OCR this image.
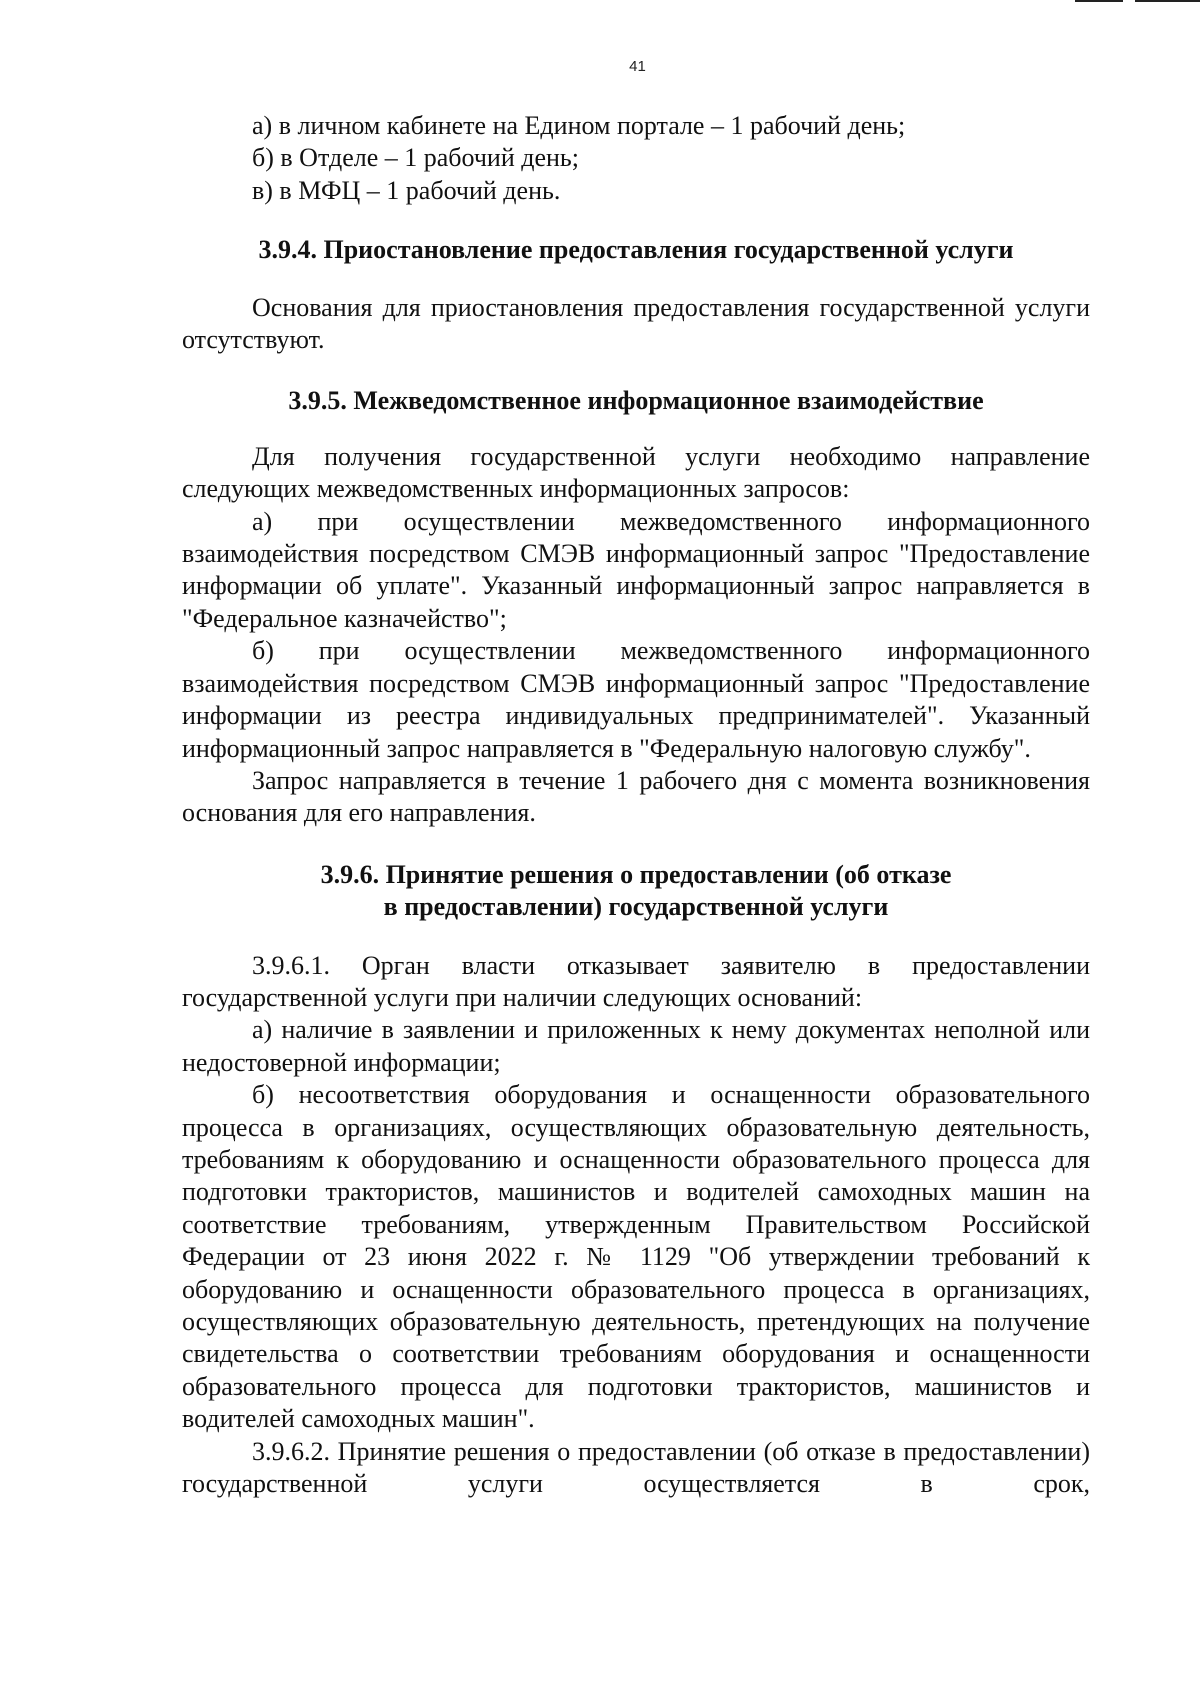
41

а) в личном кабинете на Едином портале – 1 рабочий день;

б) в Отделе – 1 рабочий день;

в) в МФЦ – 1 рабочий день.

3.9.4. Приостановление предоставления государственной услуги

Основания для приостановления предоставления государственной услуги отсутствуют.

3.9.5. Межведомственное информационное взаимодействие

Для получения государственной услуги необходимо направление следующих межведомственных информационных запросов:

а) при осуществлении межведомственного информационного взаимодействия посредством СМЭВ информационный запрос "Предоставление информации об уплате". Указанный информационный запрос направляется в "Федеральное казначейство";

б) при осуществлении межведомственного информационного взаимодействия посредством СМЭВ информационный запрос "Предоставление информации из реестра индивидуальных предпринимателей". Указанный информационный запрос направляется в "Федеральную налоговую службу".

Запрос направляется в течение 1 рабочего дня с момента возникновения основания для его направления.

3.9.6. Принятие решения о предоставлении (об отказе
в предоставлении) государственной услуги

3.9.6.1. Орган власти отказывает заявителю в предоставлении государственной услуги при наличии следующих оснований:

а) наличие в заявлении и приложенных к нему документах неполной или недостоверной информации;

б) несоответствия оборудования и оснащенности образовательного процесса в организациях, осуществляющих образовательную деятельность, требованиям к оборудованию и оснащенности образовательного процесса для подготовки трактористов, машинистов и водителей самоходных машин на соответствие требованиям, утвержденным Правительством Российской Федерации от 23 июня 2022 г. № 1129 "Об утверждении требований к оборудованию и оснащенности образовательного процесса в организациях, осуществляющих образовательную деятельность, претендующих на получение свидетельства о соответствии требованиям оборудования и оснащенности образовательного процесса для подготовки трактористов, машинистов и водителей самоходных машин".

3.9.6.2. Принятие решения о предоставлении (об отказе в предоставлении) государственной услуги осуществляется в срок,
